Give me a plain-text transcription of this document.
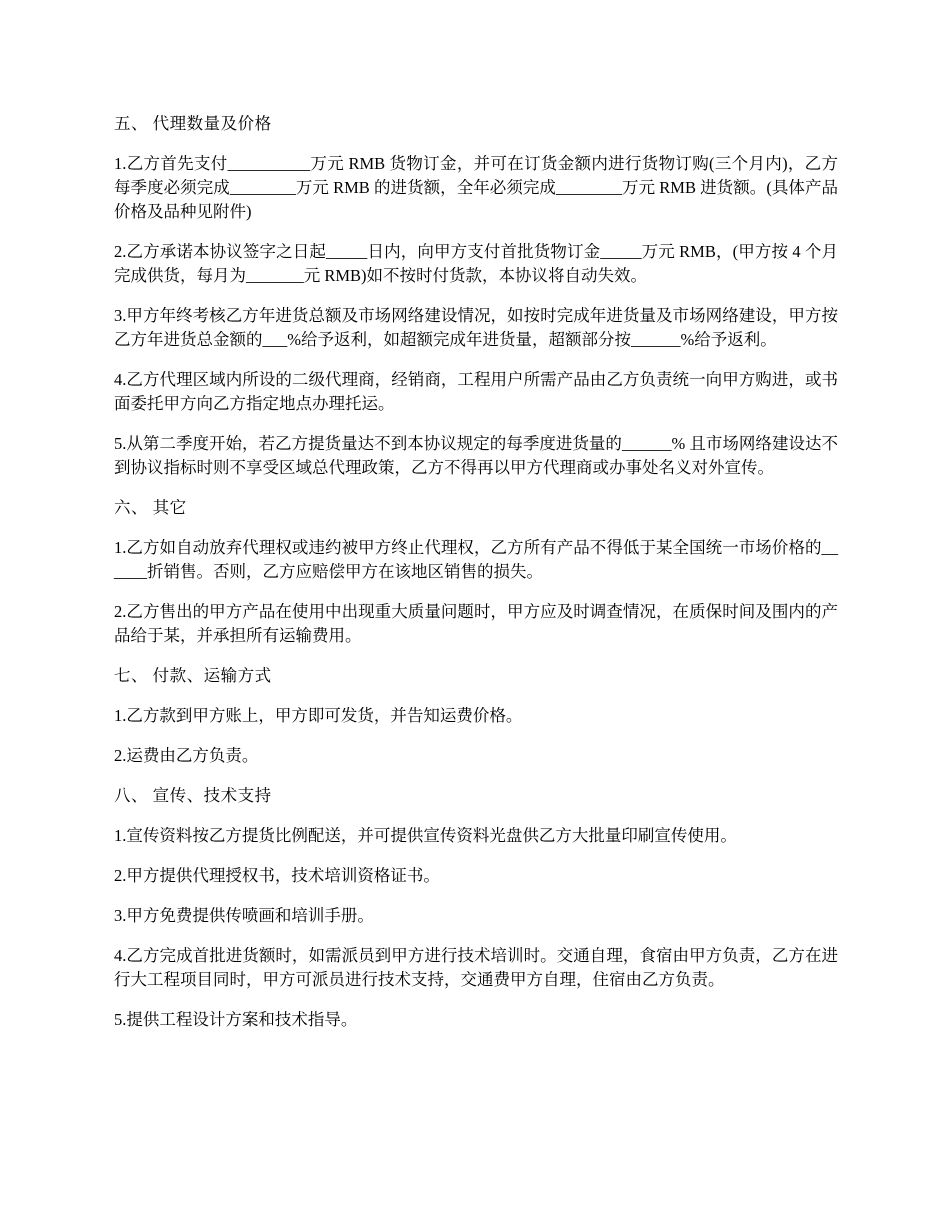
五、 代理数量及价格

1.乙方首先支付__________万元 RMB 货物订金，并可在订货金额内进行货物订购(三个月内)，乙方每季度必须完成________万元 RMB 的进货额，全年必须完成________万元 RMB 进货额。(具体产品价格及品种见附件)

2.乙方承诺本协议签字之日起_____日内，向甲方支付首批货物订金_____万元 RMB，(甲方按 4 个月完成供货，每月为_______元 RMB)如不按时付货款，本协议将自动失效。

3.甲方年终考核乙方年进货总额及市场网络建设情况，如按时完成年进货量及市场网络建设，甲方按乙方年进货总金额的___%给予返利，如超额完成年进货量，超额部分按______%给予返利。

4.乙方代理区域内所设的二级代理商，经销商，工程用户所需产品由乙方负责统一向甲方购进，或书面委托甲方向乙方指定地点办理托运。

5.从第二季度开始，若乙方提货量达不到本协议规定的每季度进货量的______% 且市场网络建设达不到协议指标时则不享受区域总代理政策，乙方不得再以甲方代理商或办事处名义对外宣传。

六、 其它

1.乙方如自动放弃代理权或违约被甲方终止代理权，乙方所有产品不得低于某全国统一市场价格的______折销售。否则，乙方应赔偿甲方在该地区销售的损失。

2.乙方售出的甲方产品在使用中出现重大质量问题时，甲方应及时调查情况，在质保时间及围内的产品给于某，并承担所有运输费用。

七、 付款、运输方式

1.乙方款到甲方账上，甲方即可发货，并告知运费价格。

2.运费由乙方负责。

八、 宣传、技术支持

1.宣传资料按乙方提货比例配送，并可提供宣传资料光盘供乙方大批量印刷宣传使用。

2.甲方提供代理授权书，技术培训资格证书。

3.甲方免费提供传喷画和培训手册。

4.乙方完成首批进货额时，如需派员到甲方进行技术培训时。交通自理，食宿由甲方负责，乙方在进行大工程项目同时，甲方可派员进行技术支持，交通费甲方自理，住宿由乙方负责。

5.提供工程设计方案和技术指导。
